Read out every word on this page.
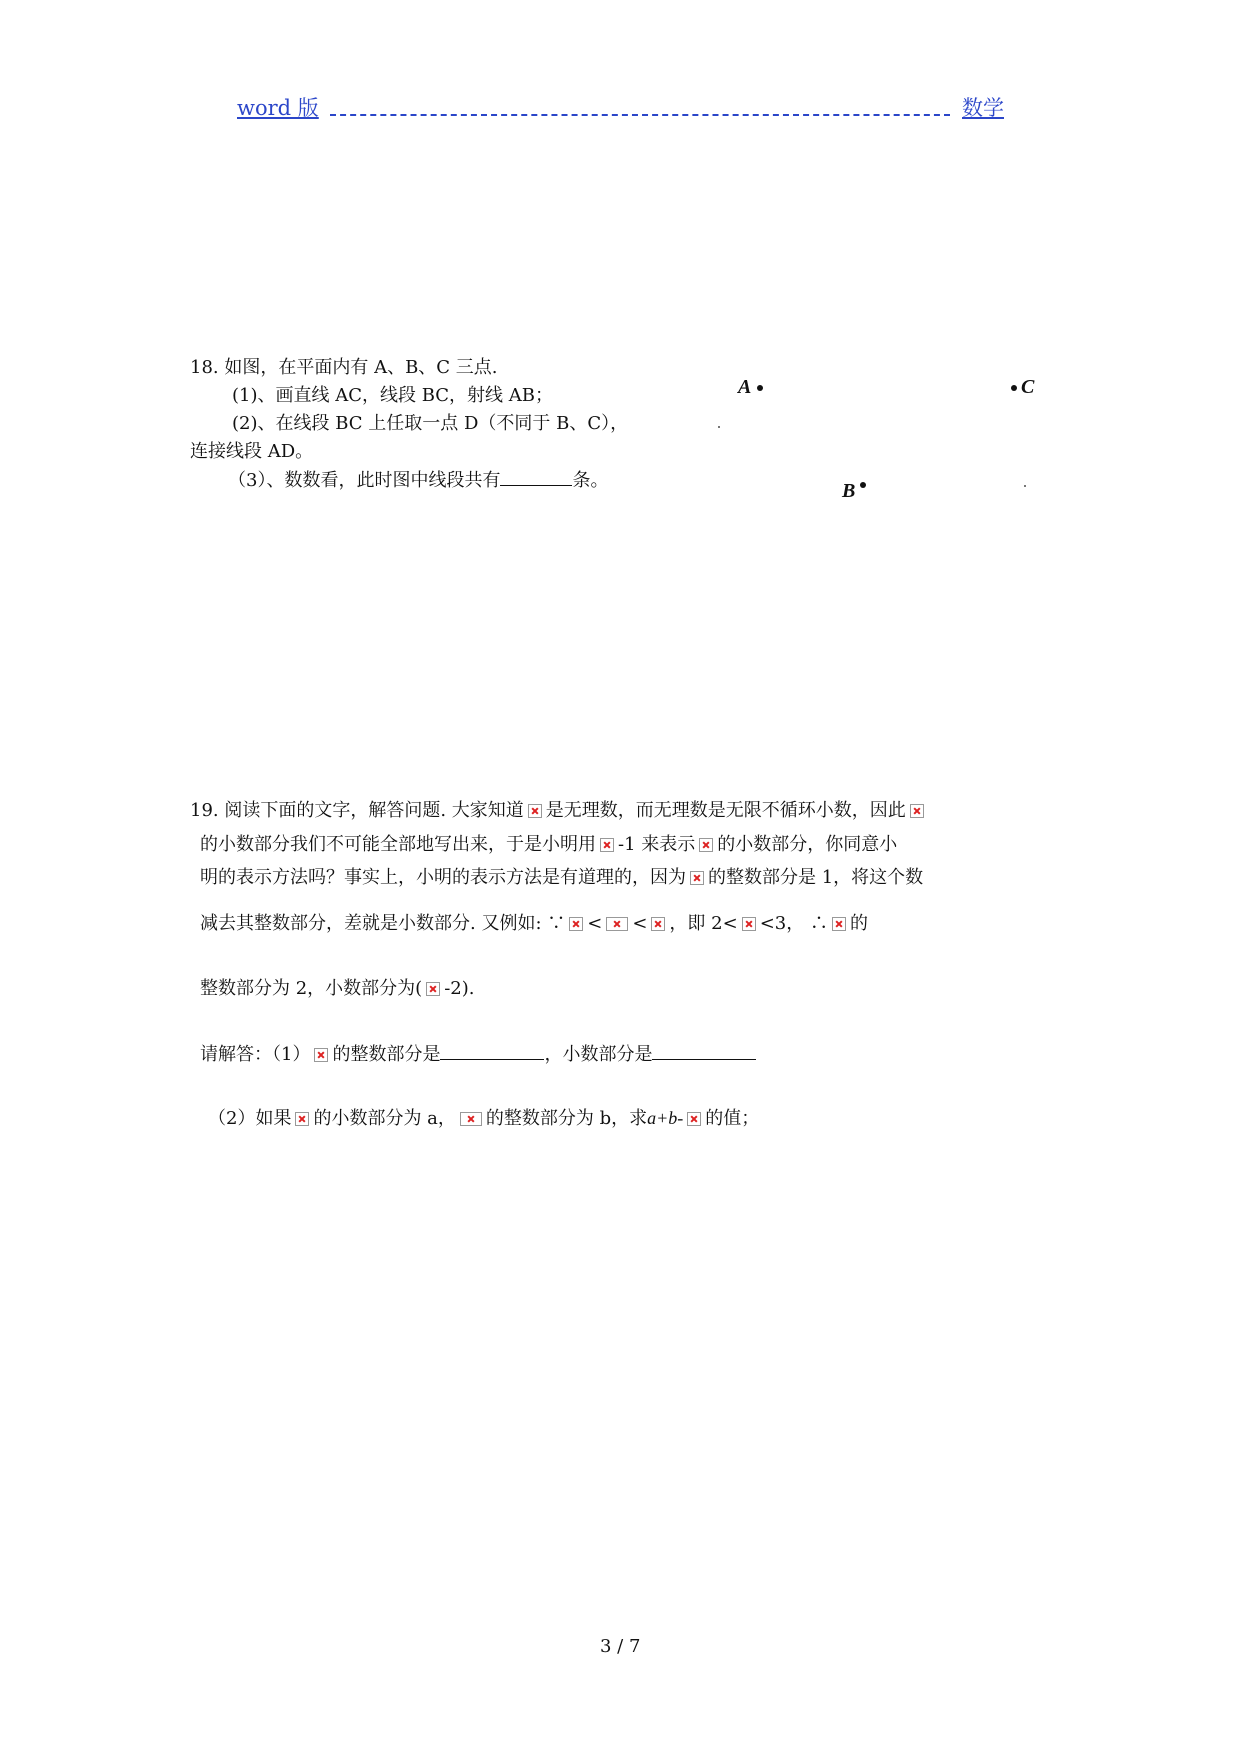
word 版	数学
18. 如图，在平面内有 A、B、C 三点.
(1)、画直线 AC，线段 BC，射线 AB；
(2)、在线段 BC 上任取一点 D（不同于 B、C），
连接线段 AD。
（3）、数数看，此时图中线段共有	条。
A	C
B
19. 阅读下面的文字，解答问题. 大家知道 是无理数，而无理数是无限不循环小数，因此
的小数部分我们不可能全部地写出来，于是小明用 -1 来表示 的小数部分，你同意小
明的表示方法吗？事实上，小明的表示方法是有道理的，因为 的整数部分是 1，将这个数
减去其整数部分，差就是小数部分. 又例如: ∵ < < ，即 2< <3， ∴ 的
整数部分为 2，小数部分为( -2).
请解答：（1） 的整数部分是	，小数部分是
（2）如果 的小数部分为 a， 的整数部分为 b，求a+b- 的值；
3 / 7
